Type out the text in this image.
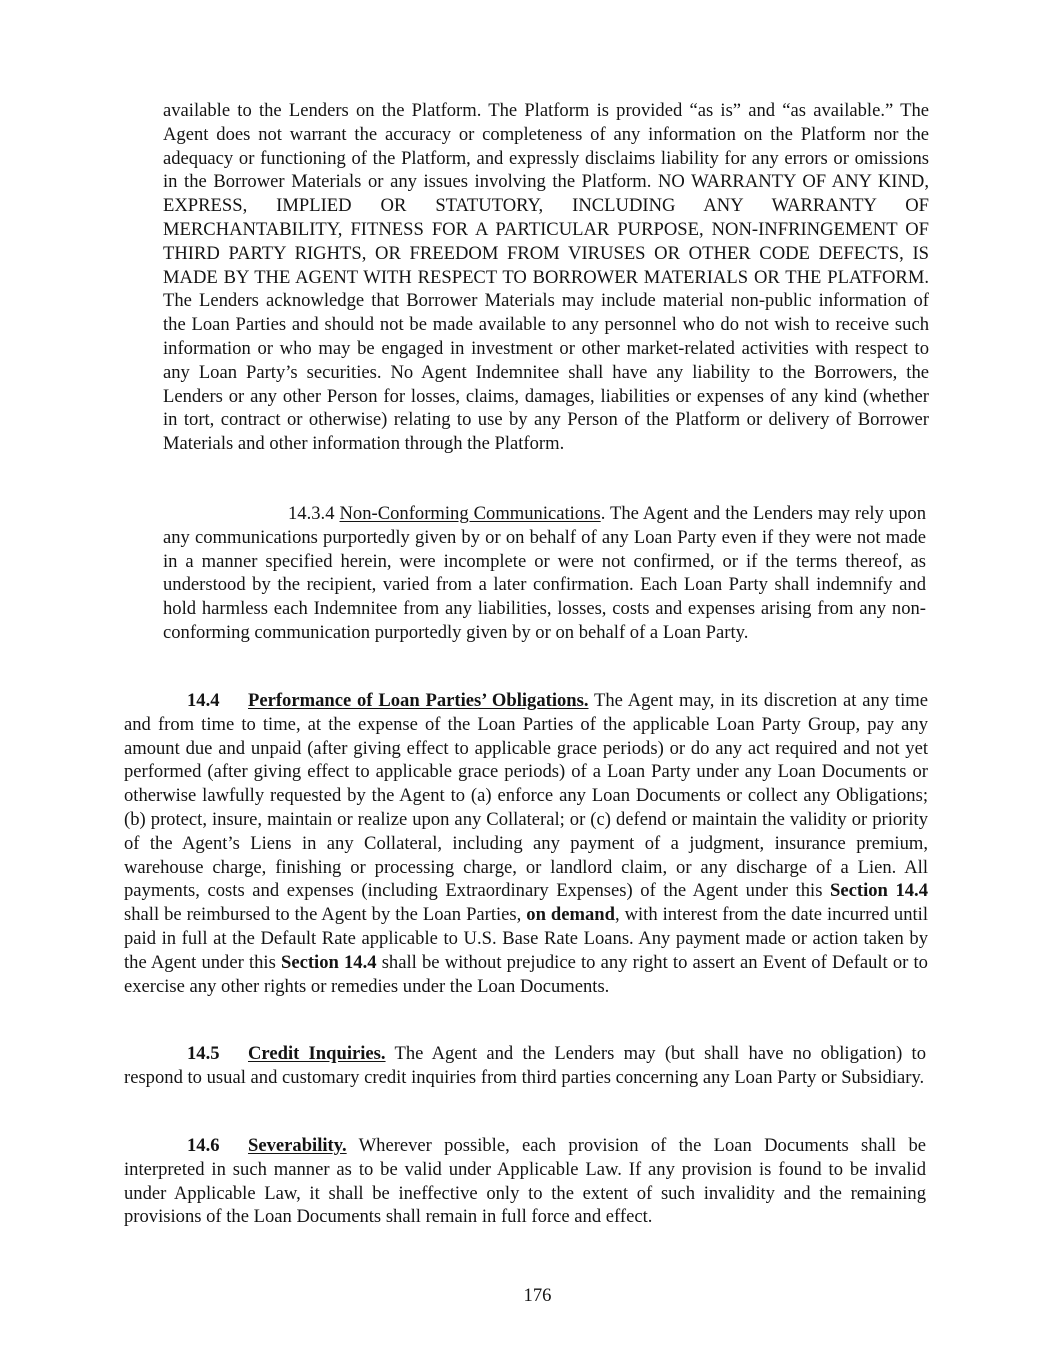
available to the Lenders on the Platform. The Platform is provided “as is” and “as available.” The Agent does not warrant the accuracy or completeness of any information on the Platform nor the adequacy or functioning of the Platform, and expressly disclaims liability for any errors or omissions in the Borrower Materials or any issues involving the Platform. NO WARRANTY OF ANY KIND, EXPRESS, IMPLIED OR STATUTORY, INCLUDING ANY WARRANTY OF MERCHANTABILITY, FITNESS FOR A PARTICULAR PURPOSE, NON-INFRINGEMENT OF THIRD PARTY RIGHTS, OR FREEDOM FROM VIRUSES OR OTHER CODE DEFECTS, IS MADE BY THE AGENT WITH RESPECT TO BORROWER MATERIALS OR THE PLATFORM. The Lenders acknowledge that Borrower Materials may include material non-public information of the Loan Parties and should not be made available to any personnel who do not wish to receive such information or who may be engaged in investment or other market-related activities with respect to any Loan Party’s securities. No Agent Indemnitee shall have any liability to the Borrowers, the Lenders or any other Person for losses, claims, damages, liabilities or expenses of any kind (whether in tort, contract or otherwise) relating to use by any Person of the Platform or delivery of Borrower Materials and other information through the Platform.

14.3.4 Non-Conforming Communications. The Agent and the Lenders may rely upon any communications purportedly given by or on behalf of any Loan Party even if they were not made in a manner specified herein, were incomplete or were not confirmed, or if the terms thereof, as understood by the recipient, varied from a later confirmation. Each Loan Party shall indemnify and hold harmless each Indemnitee from any liabilities, losses, costs and expenses arising from any non-conforming communication purportedly given by or on behalf of a Loan Party.

14.4 Performance of Loan Parties’ Obligations. The Agent may, in its discretion at any time and from time to time, at the expense of the Loan Parties of the applicable Loan Party Group, pay any amount due and unpaid (after giving effect to applicable grace periods) or do any act required and not yet performed (after giving effect to applicable grace periods) of a Loan Party under any Loan Documents or otherwise lawfully requested by the Agent to (a) enforce any Loan Documents or collect any Obligations; (b) protect, insure, maintain or realize upon any Collateral; or (c) defend or maintain the validity or priority of the Agent’s Liens in any Collateral, including any payment of a judgment, insurance premium, warehouse charge, finishing or processing charge, or landlord claim, or any discharge of a Lien. All payments, costs and expenses (including Extraordinary Expenses) of the Agent under this Section 14.4 shall be reimbursed to the Agent by the Loan Parties, on demand, with interest from the date incurred until paid in full at the Default Rate applicable to U.S. Base Rate Loans. Any payment made or action taken by the Agent under this Section 14.4 shall be without prejudice to any right to assert an Event of Default or to exercise any other rights or remedies under the Loan Documents.

14.5 Credit Inquiries. The Agent and the Lenders may (but shall have no obligation) to respond to usual and customary credit inquiries from third parties concerning any Loan Party or Subsidiary.

14.6 Severability. Wherever possible, each provision of the Loan Documents shall be interpreted in such manner as to be valid under Applicable Law. If any provision is found to be invalid under Applicable Law, it shall be ineffective only to the extent of such invalidity and the remaining provisions of the Loan Documents shall remain in full force and effect.

176
